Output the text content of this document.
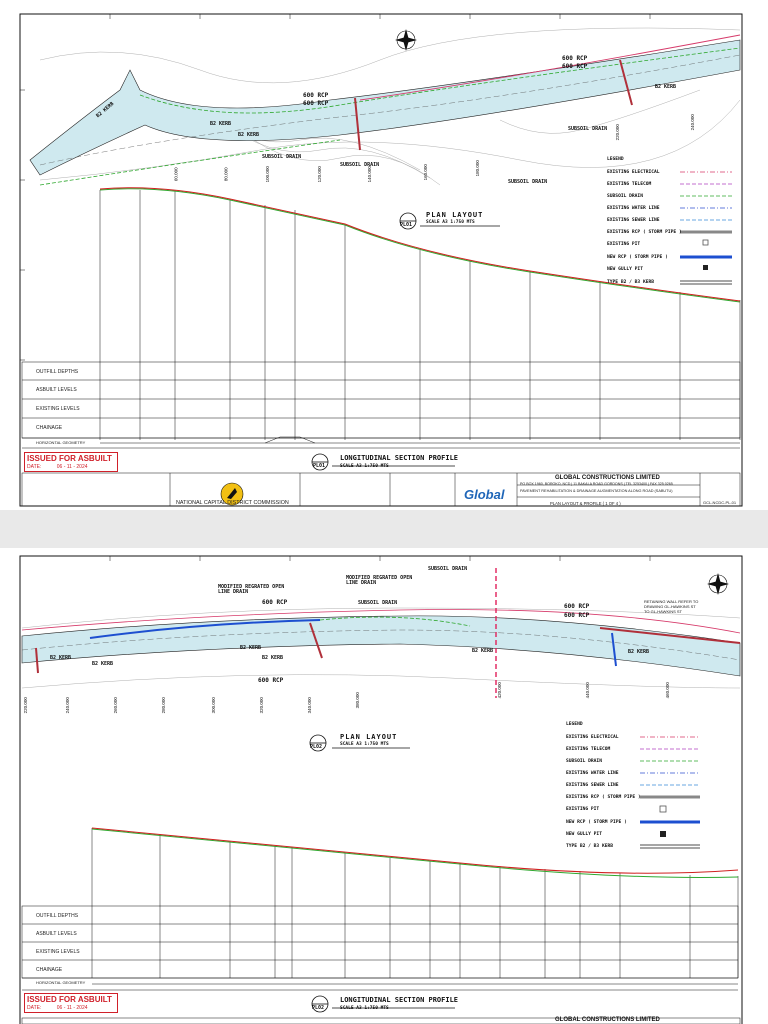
600 RCP
600 RCP
600 RCP
600 RCP
B2 KERB
B2 KERB
B2 KERB
B2 KERB
SUBSOIL DRAIN
SUBSOIL DRAIN
SUBSOIL DRAIN
SUBSOIL DRAIN
60.000	80.000	100.000	120.000	140.000	160.000	180.000
220.000
240.000
PL01
PLAN LAYOUT
SCALE A3 1:750 MTS
LEGEND
EXISTING ELECTRICAL
EXISTING TELECOM
SUBSOIL DRAIN
EXISTING WATER LINE
EXISTING SEWER LINE
EXISTING RCP ( STORM PIPE )
EXISTING PIT
NEW RCP ( STORM PIPE )
NEW GULLY PIT
TYPE B2 / B3 KERB
OUTFILL DEPTHS
ASBUILT LEVELS
EXISTING LEVELS
CHAINAGE
HORIZONTAL GEOMETRY
PL01
LONGITUDINAL SECTION PROFILE
SCALE A3 1:750 MTS
ISSUED FOR ASBUILT
DATE:	06 - 11 - 2024
NATIONAL CAPITAL DISTRICT COMMISSION
Global
GLOBAL CONSTRUCTIONS LIMITED
PO BOX 1960, BOROKO, NCD | 11 BAKALA ROAD GORDONS | TEL 3253400 | FAX 325 0265
PAVEMENT REHABILITATION & DRAINAGE AUGMENTATION ALONG ROAD (SABUTU)
PLAN LAYOUT & PROFILE ( 1 OF 4 )	GCL-NCDC-PL-01
MODIFIED REGRATED OPEN LINE DRAIN
MODIFIED REGRATED OPEN LINE DRAIN
SUBSOIL DRAIN
SUBSOIL DRAIN
600 RCP
600 RCP
600 RCP
600 RCP
B2 KERB
B2 KERB
B2 KERB
B2 KERB
B2 KERB	B2 KERB
RETAINING WALL REFER TO DRAWING GL-HAWKINS ST TO GL-HAWKINS ST
220.000	240.000	260.000	280.000	300.000	320.000	340.000	380.000
420.000	440.000	460.000
PL02
PLAN LAYOUT
SCALE A3 1:750 MTS
LEGEND
EXISTING ELECTRICAL
EXISTING TELECOM
SUBSOIL DRAIN
EXISTING WATER LINE
EXISTING SEWER LINE
EXISTING RCP ( STORM PIPE )
EXISTING PIT
NEW RCP ( STORM PIPE )
NEW GULLY PIT
TYPE B2 / B3 KERB
OUTFILL DEPTHS
ASBUILT LEVELS
EXISTING LEVELS
CHAINAGE
HORIZONTAL GEOMETRY
PL02
LONGITUDINAL SECTION PROFILE
SCALE A3 1:750 MTS
ISSUED FOR ASBUILT
DATE:	06 - 11 - 2024
GLOBAL CONSTRUCTIONS LIMITED
